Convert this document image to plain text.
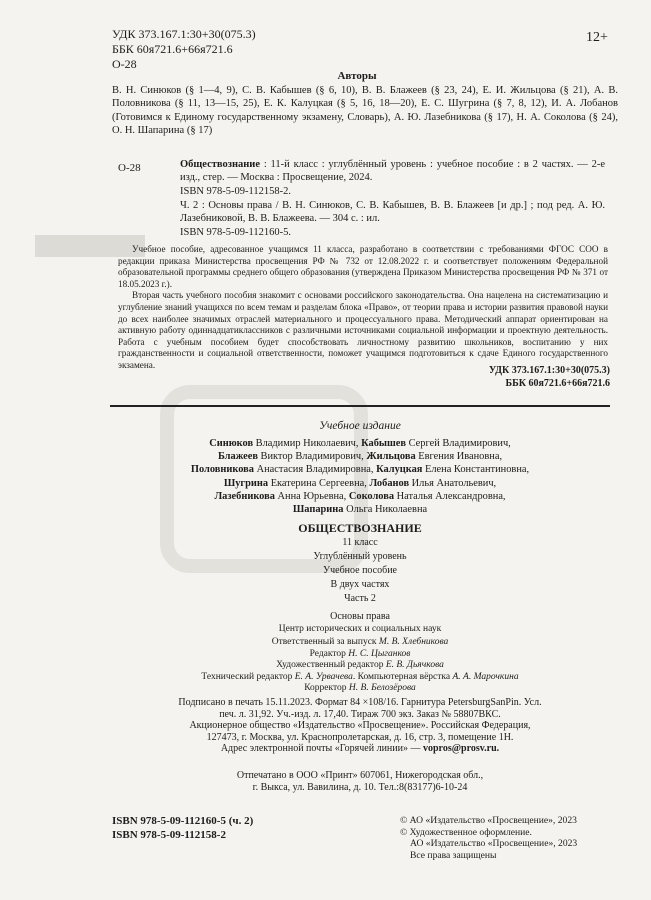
УДК 373.167.1:30+30(075.3)
ББК 60я721.6+66я721.6
О-28
12+
Авторы
В. Н. Синюков (§ 1—4, 9), С. В. Кабышев (§ 6, 10), В. В. Блажеев (§ 23, 24), Е. И. Жильцова (§ 21), А. В. Половникова (§ 11, 13—15, 25), Е. К. Калуцкая (§ 5, 16, 18—20), Е. С. Шугрина (§ 7, 8, 12), И. А. Лобанов (Готовимся к Единому государственному экзамену, Словарь), А. Ю. Лазебникова (§ 17), Н. А. Соколова (§ 24), О. Н. Шапарина (§ 17)
О-28	Обществознание : 11-й класс : углублённый уровень : учебное пособие : в 2 частях. — 2-е изд., стер. — Москва : Просвещение, 2024.
ISBN 978-5-09-112158-2.
Ч. 2 : Основы права / В. Н. Синюков, С. В. Кабышев, В. В. Блажеев [и др.] ; под ред. А. Ю. Лазебниковой, В. В. Блажеева. — 304 с. : ил.
ISBN 978-5-09-112160-5.

Учебное пособие, адресованное учащимся 11 класса, разработано в соответствии с требованиями ФГОС СОО в редакции приказа Министерства просвещения РФ № 732 от 12.08.2022 г. и соответствует положениям Федеральной образовательной программы среднего общего образования (утверждена Приказом Министерства просвещения РФ № 371 от 18.05.2023 г.).

Вторая часть учебного пособия знакомит с основами российского законодательства. Она нацелена на систематизацию и углубление знаний учащихся по всем темам и разделам блока «Право», от теории права и истории развития правовой науки до всех наиболее значимых отраслей материального и процессуального права. Методический аппарат ориентирован на активную работу одиннадцатиклассников с различными источниками социальной информации и проектную деятельность. Работа с учебным пособием будет способствовать личностному развитию школьников, воспитанию у них гражданственности и социальной ответственности, поможет учащимся подготовиться к сдаче Единого государственного экзамена.

УДК 373.167.1:30+30(075.3)
ББК 60я721.6+66я721.6
Учебное издание
Синюков Владимир Николаевич, Кабышев Сергей Владимирович,
Блажеев Виктор Владимирович, Жильцова Евгения Ивановна,
Половникова Анастасия Владимировна, Калуцкая Елена Константиновна,
Шугрина Екатерина Сергеевна, Лобанов Илья Анатольевич,
Лазебникова Анна Юрьевна, Соколова Наталья Александровна,
Шапарина Ольга Николаевна
ОБЩЕСТВОЗНАНИЕ
11 класс
Углублённый уровень
Учебное пособие
В двух частях
Часть 2
Основы права
Центр исторических и социальных наук
Ответственный за выпуск М. В. Хлебникова
Редактор Н. С. Цыганков
Художественный редактор Е. В. Дьячкова
Технический редактор Е. А. Урвачева. Компьютерная вёрстка А. А. Марочкина
Корректор Н. В. Белозёрова
Подписано в печать 15.11.2023. Формат 84 ×108/16. Гарнитура PetersburgSanPin. Усл.
печ. л. 31,92. Уч.-изд. л. 17,40. Тираж 700 экз. Заказ № 58807ВКС.
Акционерное общество «Издательство «Просвещение». Российская Федерация,
127473, г. Москва, ул. Краснопролетарская, д. 16, стр. 3, помещение 1Н.
Адрес электронной почты «Горячей линии» — vopros@prosv.ru.
Отпечатано в ООО «Принт» 607061, Нижегородская обл.,
г. Выкса, ул. Вавилина, д. 10. Тел.:8(83177)6-10-24
ISBN 978-5-09-112160-5 (ч. 2)
ISBN 978-5-09-112158-2
© АО «Издательство «Просвещение», 2023
© Художественное оформление.
АО «Издательство «Просвещение», 2023
Все права защищены
